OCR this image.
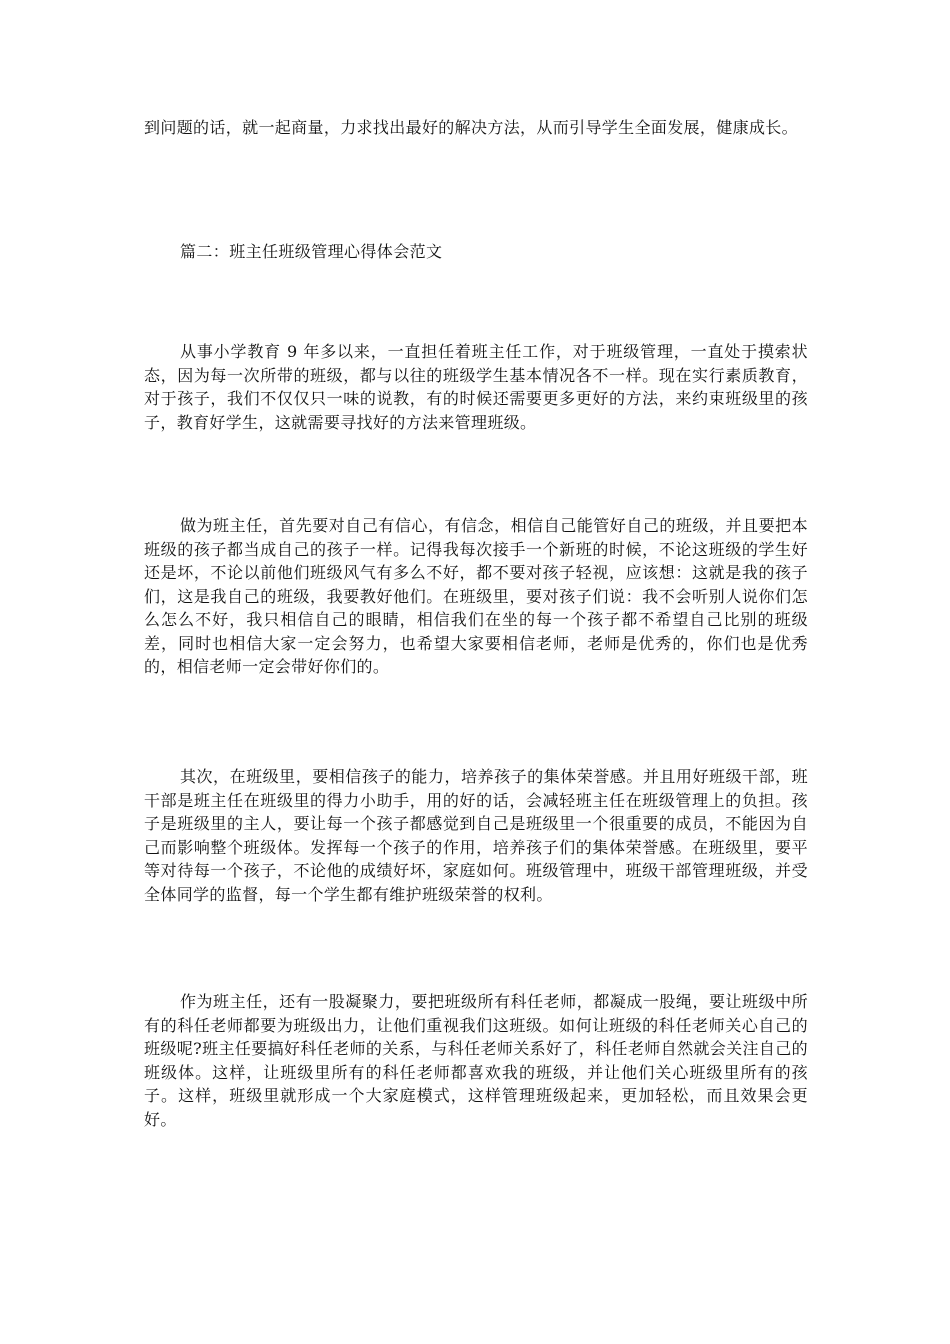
到问题的话，就一起商量，力求找出最好的解决方法，从而引导学生全面发展，健康成长。

篇二：班主任班级管理心得体会范文

从事小学教育 9 年多以来，一直担任着班主任工作，对于班级管理，一直处于摸索状态，因为每一次所带的班级，都与以往的班级学生基本情况各不一样。现在实行素质教育，对于孩子，我们不仅仅只一味的说教，有的时候还需要更多更好的方法，来约束班级里的孩子，教育好学生，这就需要寻找好的方法来管理班级。

做为班主任，首先要对自己有信心，有信念，相信自己能管好自己的班级，并且要把本班级的孩子都当成自己的孩子一样。记得我每次接手一个新班的时候，不论这班级的学生好还是坏，不论以前他们班级风气有多么不好，都不要对孩子轻视，应该想：这就是我的孩子们，这是我自己的班级，我要教好他们。在班级里，要对孩子们说：我不会听别人说你们怎么怎么不好，我只相信自己的眼睛，相信我们在坐的每一个孩子都不希望自己比别的班级差，同时也相信大家一定会努力，也希望大家要相信老师，老师是优秀的，你们也是优秀的，相信老师一定会带好你们的。

其次，在班级里，要相信孩子的能力，培养孩子的集体荣誉感。并且用好班级干部，班干部是班主任在班级里的得力小助手，用的好的话，会减轻班主任在班级管理上的负担。孩子是班级里的主人，要让每一个孩子都感觉到自己是班级里一个很重要的成员，不能因为自己而影响整个班级体。发挥每一个孩子的作用，培养孩子们的集体荣誉感。在班级里，要平等对待每一个孩子，不论他的成绩好坏，家庭如何。班级管理中，班级干部管理班级，并受全体同学的监督，每一个学生都有维护班级荣誉的权利。

作为班主任，还有一股凝聚力，要把班级所有科任老师，都凝成一股绳，要让班级中所有的科任老师都要为班级出力，让他们重视我们这班级。如何让班级的科任老师关心自己的班级呢?班主任要搞好科任老师的关系，与科任老师关系好了，科任老师自然就会关注自己的班级体。这样，让班级里所有的科任老师都喜欢我的班级，并让他们关心班级里所有的孩子。这样，班级里就形成一个大家庭模式，这样管理班级起来，更加轻松，而且效果会更好。
